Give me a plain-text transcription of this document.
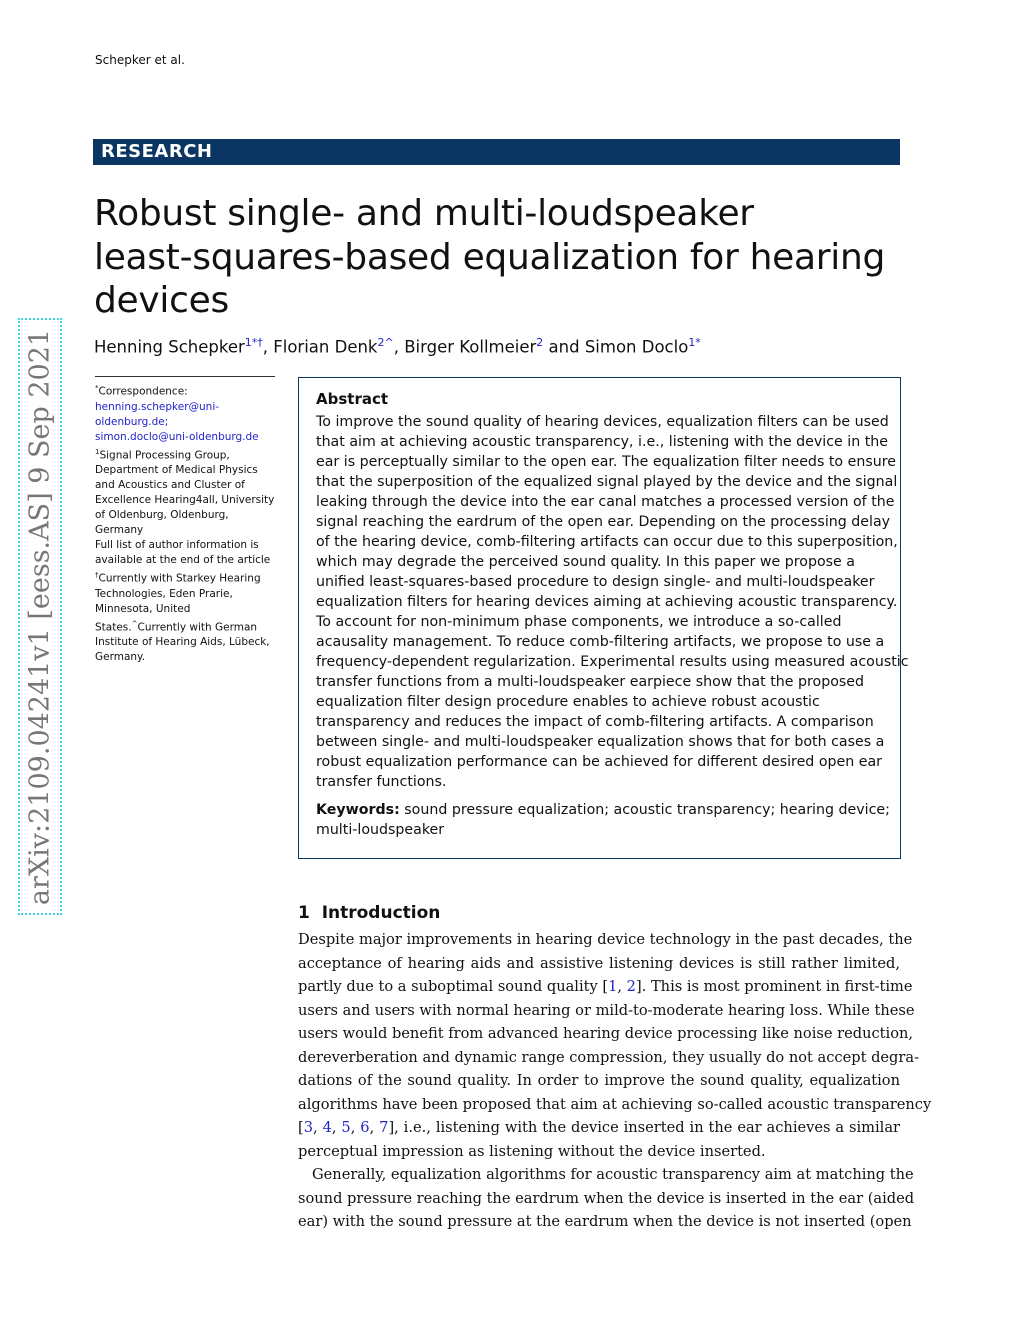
Schepker et al.
RESEARCH
Robust single- and multi-loudspeaker
least-squares-based equalization for hearing
devices
Henning Schepker$^{1*\dagger}$, Florian Denk$^{2\^{}}$, Birger Kollmeier$^2$ and Simon Doclo$^{1*}$
*Correspondence:
henning.schepker@uni-oldenburg.de;
simon.doclo@uni-oldenburg.de
$^1$Signal Processing Group,
Department of Medical Physics
and Acoustics and Cluster of
Excellence Hearing4all, University
of Oldenburg, Oldenburg,
Germany
Full list of author information is
available at the end of the article
†Currently with Starkey Hearing
Technologies, Eden Prarie,
Minnesota, United
States.^Currently with German
Institute of Hearing Aids, Lübeck,
Germany.
Abstract
To improve the sound quality of hearing devices, equalization filters can be used
that aim at achieving acoustic transparency, i.e., listening with the device in the
ear is perceptually similar to the open ear. The equalization filter needs to ensure
that the superposition of the equalized signal played by the device and the signal
leaking through the device into the ear canal matches a processed version of the
signal reaching the eardrum of the open ear. Depending on the processing delay
of the hearing device, comb-filtering artifacts can occur due to this superposition,
which may degrade the perceived sound quality. In this paper we propose a
unified least-squares-based procedure to design single- and multi-loudspeaker
equalization filters for hearing devices aiming at achieving acoustic transparency.
To account for non-minimum phase components, we introduce a so-called
acausality management. To reduce comb-filtering artifacts, we propose to use a
frequency-dependent regularization. Experimental results using measured acoustic
transfer functions from a multi-loudspeaker earpiece show that the proposed
equalization filter design procedure enables to achieve robust acoustic
transparency and reduces the impact of comb-filtering artifacts. A comparison
between single- and multi-loudspeaker equalization shows that for both cases a
robust equalization performance can be achieved for different desired open ear
transfer functions.
Keywords: sound pressure equalization; acoustic transparency; hearing device;
multi-loudspeaker
1 Introduction
Despite major improvements in hearing device technology in the past decades, the
acceptance of hearing aids and assistive listening devices is still rather limited,
partly due to a suboptimal sound quality [1, 2]. This is most prominent in first-time
users and users with normal hearing or mild-to-moderate hearing loss. While these
users would benefit from advanced hearing device processing like noise reduction,
dereverberation and dynamic range compression, they usually do not accept degra-
dations of the sound quality. In order to improve the sound quality, equalization
algorithms have been proposed that aim at achieving so-called acoustic transparency
[3, 4, 5, 6, 7], i.e., listening with the device inserted in the ear achieves a similar
perceptual impression as listening without the device inserted.
Generally, equalization algorithms for acoustic transparency aim at matching the
sound pressure reaching the eardrum when the device is inserted in the ear (aided
ear) with the sound pressure at the eardrum when the device is not inserted (open
arXiv:2109.04241v1 [eess.AS] 9 Sep 2021
